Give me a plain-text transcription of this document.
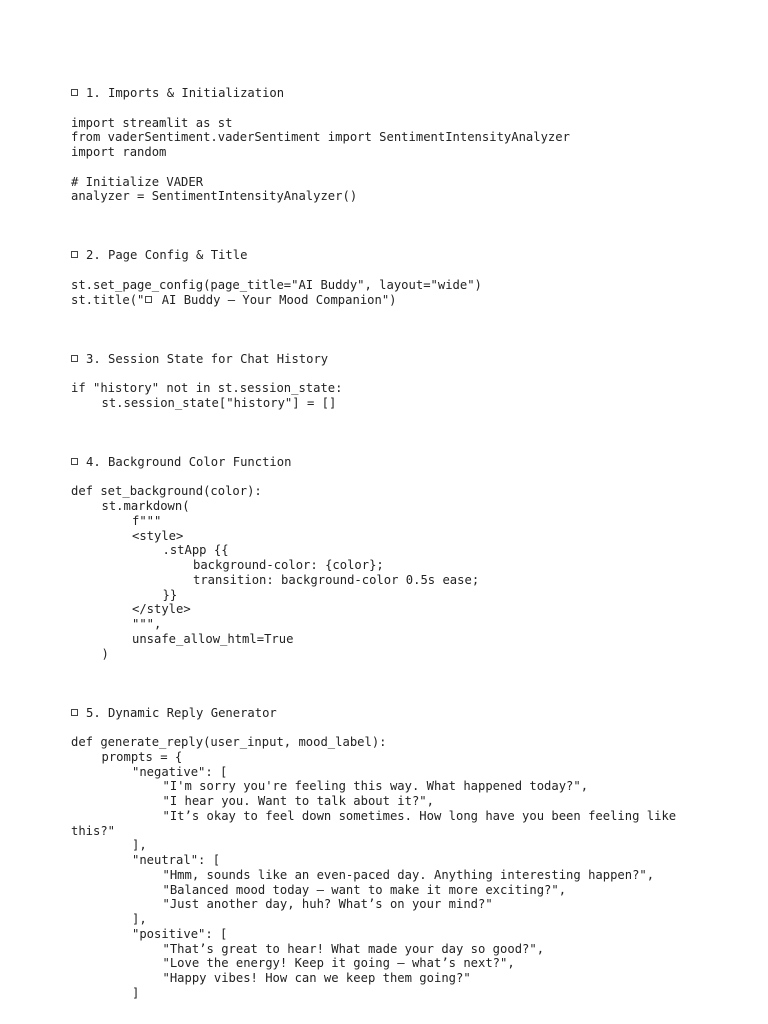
1. Imports & Initialization
import streamlit as st
from vaderSentiment.vaderSentiment import SentimentIntensityAnalyzer
import random
# Initialize VADER
analyzer = SentimentIntensityAnalyzer()
2. Page Config & Title
st.set_page_config(page_title="AI Buddy", layout="wide")
st.title(" AI Buddy – Your Mood Companion")
3. Session State for Chat History
if "history" not in st.session_state:
st.session_state["history"] = []
4. Background Color Function
def set_background(color):
st.markdown(
f"""
<style>
.stApp {{
background-color: {color};
transition: background-color 0.5s ease;
}}
</style>
""",
unsafe_allow_html=True
)
5. Dynamic Reply Generator
def generate_reply(user_input, mood_label):
prompts = {
"negative": [
"I'm sorry you're feeling this way. What happened today?",
"I hear you. Want to talk about it?",
"It’s okay to feel down sometimes. How long have you been feeling like
this?"
],
"neutral": [
"Hmm, sounds like an even-paced day. Anything interesting happen?",
"Balanced mood today — want to make it more exciting?",
"Just another day, huh? What’s on your mind?"
],
"positive": [
"That’s great to hear! What made your day so good?",
"Love the energy! Keep it going — what’s next?",
"Happy vibes! How can we keep them going?"
]
